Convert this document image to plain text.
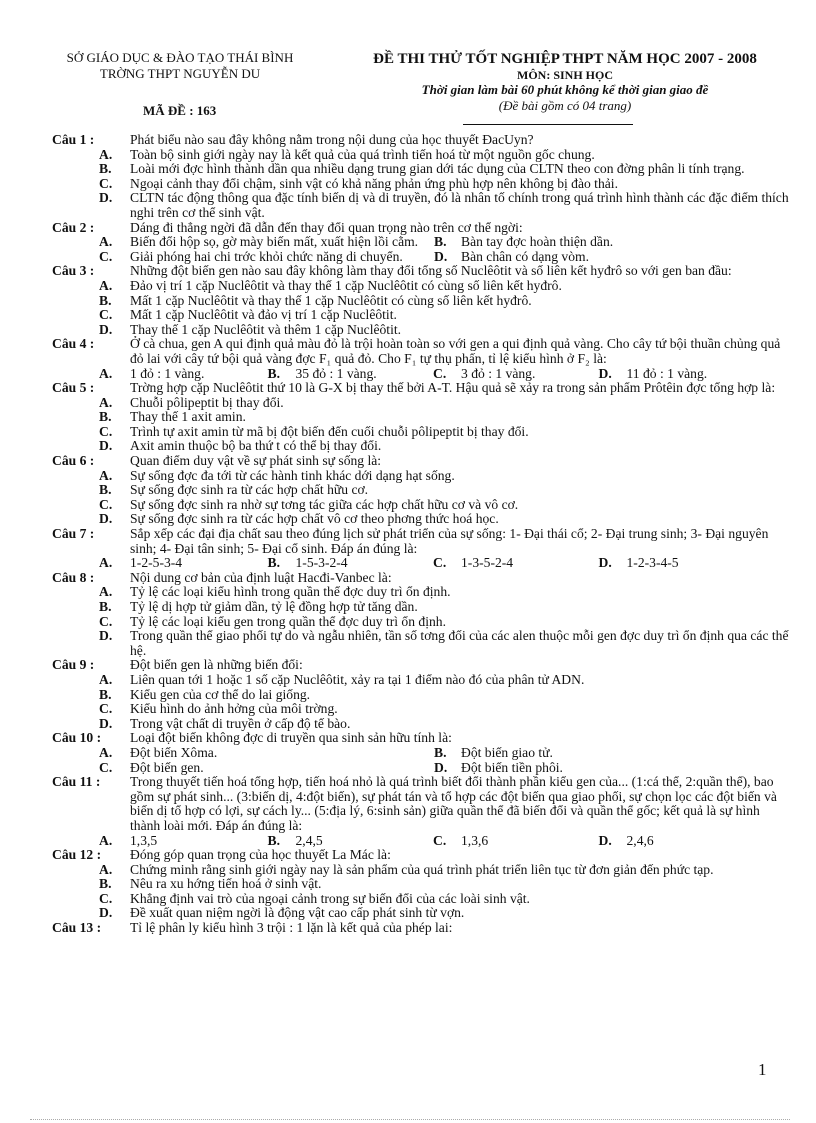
SỞ GIÁO DỤC & ĐÀO TẠO THÁI BÌNH
TRỜNG THPT NGUYỄN DU
MÃ ĐỀ : 163
ĐỀ THI THỬ TỐT NGHIỆP THPT NĂM HỌC 2007 - 2008
MÔN: SINH HỌC
Thời gian làm bài 60 phút không kể thời gian giao đề
(Đề bài gồm có 04 trang)
Câu 1 :	Phát biểu nào sau đây không nằm trong nội dung của học thuyết ĐacUyn?
A. Toàn bộ sinh giới ngày nay là kết quả của quá trình tiến hoá từ một nguồn gốc chung.
B. Loài mới đợc hình thành dần qua nhiều dạng trung gian dới tác dụng của CLTN theo con đờng phân li tính trạng.
C. Ngoại cảnh thay đổi chậm, sinh vật có khả năng phản ứng phù hợp nên không bị đào thải.
D. CLTN tác động thông qua đặc tính biến dị và di truyền, đó là nhân tố chính trong quá trình hình thành các đặc điểm thích nghi trên cơ thể sinh vật.
Câu 2 :	Dáng đi thẳng ngời đã dẫn đến thay đổi quan trọng nào trên cơ thể ngời:
A. Biến đổi hộp sọ, gờ mày biến mất, xuất hiện lồi cằm.	B. Bàn tay đợc hoàn thiện dần.
C. Giải phóng hai chi trớc khỏi chức năng di chuyển.	D. Bàn chân có dạng vòm.
Câu 3 :	Những đột biến gen nào sau đây không làm thay đổi tổng số Nuclêôtit và số liên kết hyđrô so với gen ban đầu:
A. Đảo vị trí 1 cặp Nuclêôtit và thay thế 1 cặp Nuclêôtit có cùng số liên kết hyđrô.
B. Mất 1 cặp Nuclêôtit và thay thế 1 cặp Nuclêôtit có cùng số liên kết hyđrô.
C. Mất 1 cặp Nuclêôtit và đảo vị trí 1 cặp Nuclêôtit.
D. Thay thế 1 cặp Nuclêôtit và thêm 1 cặp Nuclêôtit.
Câu 4 :	Ở cà chua, gen A qui định quả màu đỏ là trội hoàn toàn so với gen a qui định quả vàng. Cho cây tứ bội thuần chủng quả đỏ lai với cây tứ bội quả vàng đợc F₁ quả đỏ. Cho F₁ tự thụ phấn, tỉ lệ kiểu hình ở F₂ là:
A. 1 đỏ : 1 vàng.	B. 35 đỏ : 1 vàng.	C. 3 đỏ : 1 vàng.	D. 11 đỏ : 1 vàng.
Câu 5 :	Trờng hợp cặp Nuclêôtit thứ 10 là G-X bị thay thế bởi A-T. Hậu quả sẽ xảy ra trong sản phẩm Prôtêin đợc tổng hợp là:
A. Chuỗi pôlipeptit bị thay đổi.
B. Thay thế 1 axit amin.
C. Trình tự axit amin từ mã bị đột biến đến cuối chuỗi pôlipeptit bị thay đổi.
D. Axit amin thuộc bộ ba thứ t có thể bị thay đổi.
Câu 6 :	Quan điểm duy vật về sự phát sinh sự sống là:
A. Sự sống đợc đa tới từ các hành tinh khác dới dạng hạt sống.
B. Sự sống đợc sinh ra từ các hợp chất hữu cơ.
C. Sự sống đợc sinh ra nhờ sự tơng tác giữa các hợp chất hữu cơ và vô cơ.
D. Sự sống đợc sinh ra từ các hợp chất vô cơ theo phơng thức hoá học.
Câu 7 :	Sắp xếp các đại địa chất sau theo đúng lịch sử phát triển của sự sống: 1- Đại thái cổ; 2- Đại trung sinh; 3- Đại nguyên sinh; 4- Đại tân sinh; 5- Đại cổ sinh. Đáp án đúng là:
A. 1-2-5-3-4	B. 1-5-3-2-4	C. 1-3-5-2-4	D. 1-2-3-4-5
Câu 8 :	Nội dung cơ bản của định luật Hacđi-Vanbec là:
A. Tỷ lệ các loại kiểu hình trong quần thể đợc duy trì ổn định.
B. Tỷ lệ dị hợp tử giảm dần, tỷ lệ đồng hợp tử tăng dần.
C. Tỷ lệ các loại kiểu gen trong quần thể đợc duy trì ổn định.
D. Trong quần thể giao phối tự do và ngẫu nhiên, tần số tơng đối của các alen thuộc mỗi gen đợc duy trì ổn định qua các thế hệ.
Câu 9 :	Đột biến gen là những biến đổi:
A. Liên quan tới 1 hoặc 1 số cặp Nuclêôtit, xảy ra tại 1 điểm nào đó của phân tử ADN.
B. Kiểu gen của cơ thể do lai giống.
C. Kiểu hình do ảnh hởng của môi trờng.
D. Trong vật chất di truyền ở cấp độ tế bào.
Câu 10 :	Loại đột biến không đợc di truyền qua sinh sản hữu tính là:
A. Đột biến Xôma.	B. Đột biến giao tử.
C. Đột biến gen.	D. Đột biến tiền phôi.
Câu 11 :	Trong thuyết tiến hoá tổng hợp, tiến hoá nhỏ là quá trình biết đổi thành phần kiểu gen của... (1:cá thể, 2:quần thể), bao gồm sự phát sinh... (3:biến dị, 4:đột biến), sự phát tán và tổ hợp các đột biến qua giao phối, sự chọn lọc các đột biến và biến dị tổ hợp có lợi, sự cách ly... (5:địa lý, 6:sinh sản) giữa quần thể đã biến đổi và quần thể gốc; kết quả là sự hình thành loài mới. Đáp án đúng là:
A. 1,3,5	B. 2,4,5	C. 1,3,6	D. 2,4,6
Câu 12 :	Đóng góp quan trọng của học thuyết La Mác là:
A. Chứng minh rằng sinh giới ngày nay là sản phẩm của quá trình phát triển liên tục từ đơn giản đến phức tạp.
B. Nêu ra xu hớng tiến hoá ở sinh vật.
C. Khẳng định vai trò của ngoại cảnh trong sự biến đổi của các loài sinh vật.
D. Đề xuất quan niệm ngời là động vật cao cấp phát sinh từ vợn.
Câu 13 :	Tỉ lệ phân ly kiểu hình 3 trội : 1 lặn là kết quả của phép lai:
1
